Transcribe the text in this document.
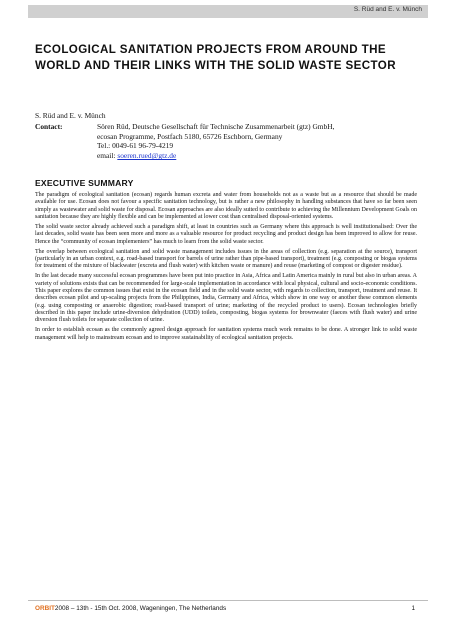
S. Rüd and E. v. Münch
ECOLOGICAL SANITATION PROJECTS FROM AROUND THE WORLD AND THEIR LINKS WITH THE SOLID WASTE SECTOR
S. Rüd and E. v. Münch
Contact:	Sören Rüd, Deutsche Gesellschaft für Technische Zusammenarbeit (gtz) GmbH,
ecosan Programme, Postfach 5180, 65726 Eschborn, Germany
Tel.: 0049-61 96-79-4219
email: soeren.rued@gtz.de
EXECUTIVE SUMMARY

The paradigm of ecological sanitation (ecosan) regards human excreta and water from households not as a waste but as a resource that should be made available for use. Ecosan does not favour a specific sanitation technology, but is rather a new philosophy in handling substances that have so far been seen simply as wastewater and solid waste for disposal. Ecosan approaches are also ideally suited to contribute to achieving the Millennium Development Goals on sanitation because they are highly flexible and can be implemented at lower cost than centralised disposal-oriented systems.

The solid waste sector already achieved such a paradigm shift, at least in countries such as Germany where this approach is well institutionalised: Over the last decades, solid waste has been seen more and more as a valuable resource for product recycling and product design has been improved to allow for reuse. Hence the “community of ecosan implementers” has much to learn from the solid waste sector.

The overlap between ecological sanitation and solid waste management includes issues in the areas of collection (e.g. separation at the source), transport (particularly in an urban context, e.g. road-based transport for barrels of urine rather than pipe-based transport), treatment (e.g. composting or biogas systems for treatment of the mixture of blackwater (excreta and flush water) with kitchen waste or manure) and reuse (marketing of compost or digester residue).

In the last decade many successful ecosan programmes have been put into practice in Asia, Africa and Latin America mainly in rural but also in urban areas. A variety of solutions exists that can be recommended for large-scale implementation in accordance with local physical, cultural and socio-economic conditions. This paper explores the common issues that exist in the ecosan field and in the solid waste sector, with regards to collection, transport, treatment and reuse. It describes ecosan pilot and up-scaling projects from the Philippines, India, Germany and Africa, which show in one way or another these common elements (e.g. using composting or anaerobic digestion; road-based transport of urine; marketing of the recycled product to users). Ecosan technologies briefly described in this paper include urine-diversion dehydration (UDD) toilets, composting, biogas systems for brownwater (faeces with flush water) and urine diversion flush toilets for separate collection of urine.

In order to establish ecosan as the commonly agreed design approach for sanitation systems much work remains to be done. A stronger link to solid waste management will help to mainstream ecosan and to improve sustainability of ecological sanitation projects.

ORBIT2008 – 13th - 15th Oct. 2008, Wageningen, The Netherlands	1
